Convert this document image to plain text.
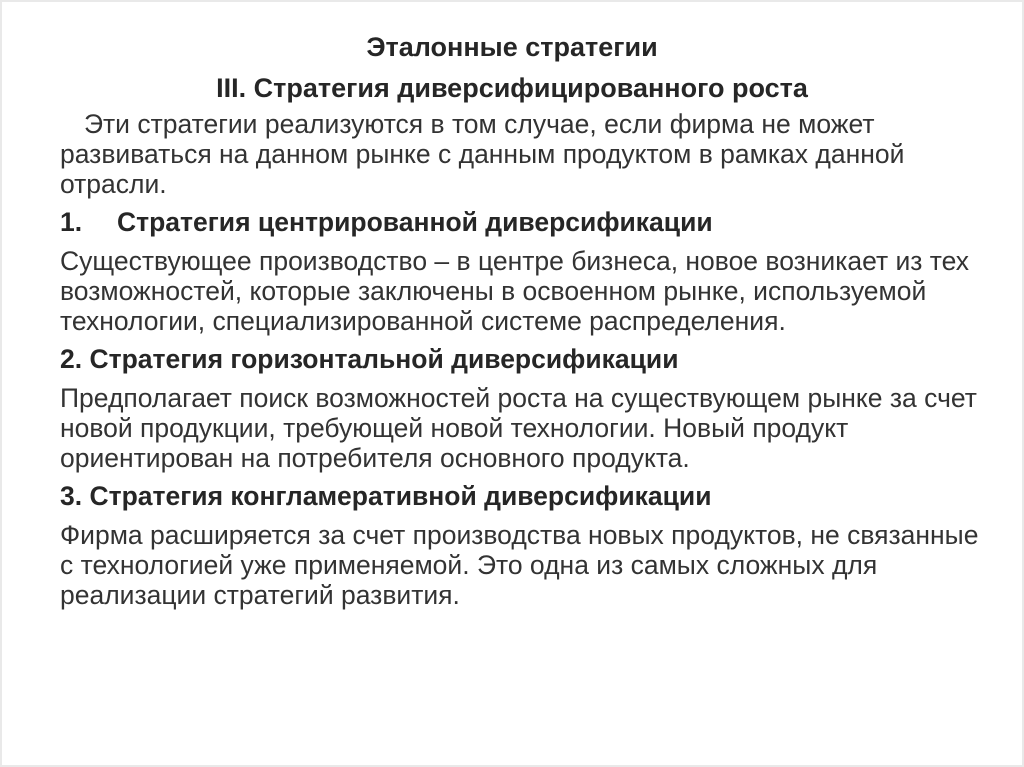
Эталонные стратегии
III. Стратегия диверсифицированного роста

Эти стратегии реализуются в том случае, если фирма не может развиваться на данном рынке с данным продуктом в рамках данной отрасли.

1. Стратегия центрированной диверсификации

Существующее производство – в центре бизнеса, новое возникает из тех возможностей, которые заключены в освоенном рынке, используемой технологии, специализированной системе распределения.

2. Стратегия горизонтальной диверсификации

Предполагает поиск возможностей роста на существующем рынке за счет новой продукции, требующей новой технологии. Новый продукт ориентирован на потребителя основного продукта.

3. Стратегия конгламеративной диверсификации

Фирма расширяется за счет производства новых продуктов, не связанные с технологией уже применяемой. Это одна из самых сложных для реализации стратегий развития.
